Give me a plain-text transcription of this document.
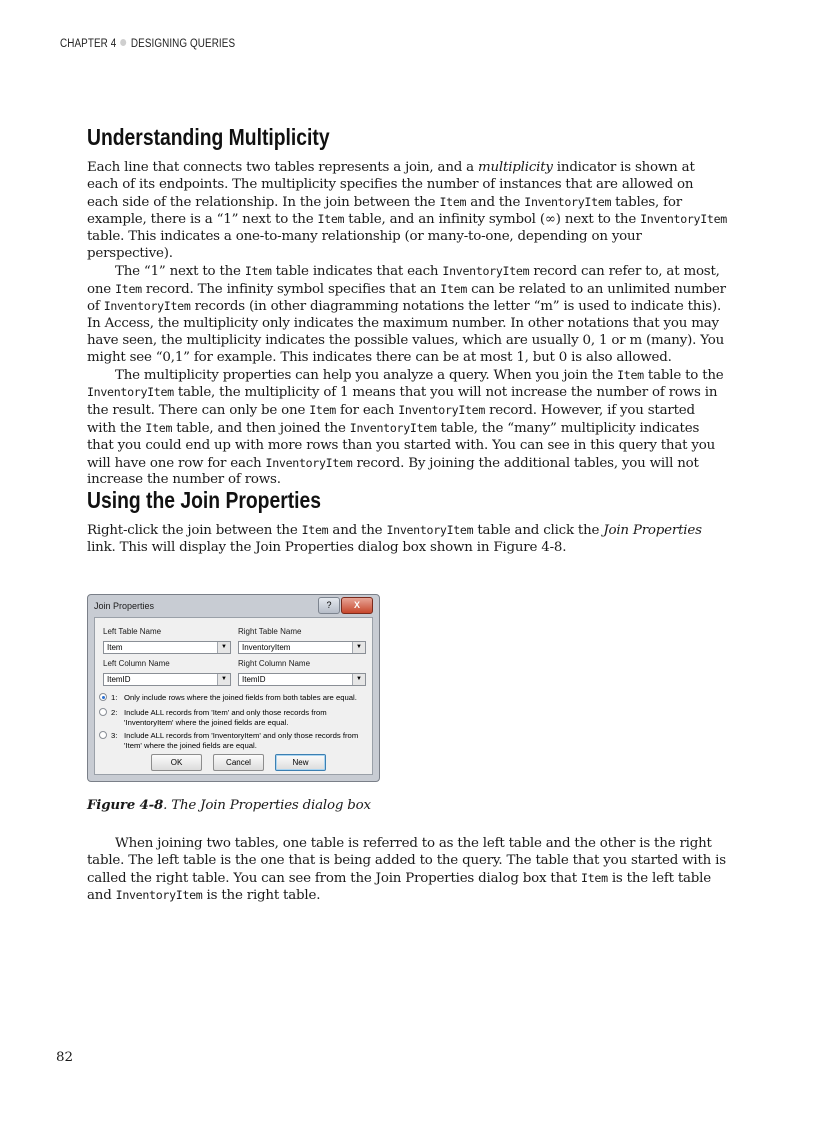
CHAPTER 4 DESIGNING QUERIES
Understanding Multiplicity

Each line that connects two tables represents a join, and a multiplicity indicator is shown at each of its endpoints. The multiplicity specifies the number of instances that are allowed on each side of the relationship. In the join between the Item and the InventoryItem tables, for example, there is a “1” next to the Item table, and an infinity symbol (∞) next to the InventoryItem table. This indicates a one-to-many relationship (or many-to-one, depending on your perspective).

The “1” next to the Item table indicates that each InventoryItem record can refer to, at most, one Item record. The infinity symbol specifies that an Item can be related to an unlimited number of InventoryItem records (in other diagramming notations the letter “m” is used to indicate this). In Access, the multiplicity only indicates the maximum number. In other notations that you may have seen, the multiplicity indicates the possible values, which are usually 0, 1 or m (many). You might see “0,1” for example. This indicates there can be at most 1, but 0 is also allowed.

The multiplicity properties can help you analyze a query. When you join the Item table to the InventoryItem table, the multiplicity of 1 means that you will not increase the number of rows in the result. There can only be one Item for each InventoryItem record. However, if you started with the Item table, and then joined the InventoryItem table, the “many” multiplicity indicates that you could end up with more rows than you started with. You can see in this query that you will have one row for each InventoryItem record. By joining the additional tables, you will not increase the number of rows.

Using the Join Properties

Right-click the join between the Item and the InventoryItem table and click the Join Properties link. This will display the Join Properties dialog box shown in Figure 4-8.

Join Properties	?	X
Left Table Name	Right Table Name
Item	▼	InventoryItem	▼
Left Column Name	Right Column Name
ItemID	▼	ItemID	▼
1: Only include rows where the joined fields from both tables are equal.
2: Include ALL records from 'Item' and only those records from
'InventoryItem' where the joined fields are equal.
3: Include ALL records from 'InventoryItem' and only those records from
'Item' where the joined fields are equal.
OK	Cancel	New
Figure 4-8. The Join Properties dialog box

When joining two tables, one table is referred to as the left table and the other is the right table. The left table is the one that is being added to the query. The table that you started with is called the right table. You can see from the Join Properties dialog box that Item is the left table and InventoryItem is the right table.

82
